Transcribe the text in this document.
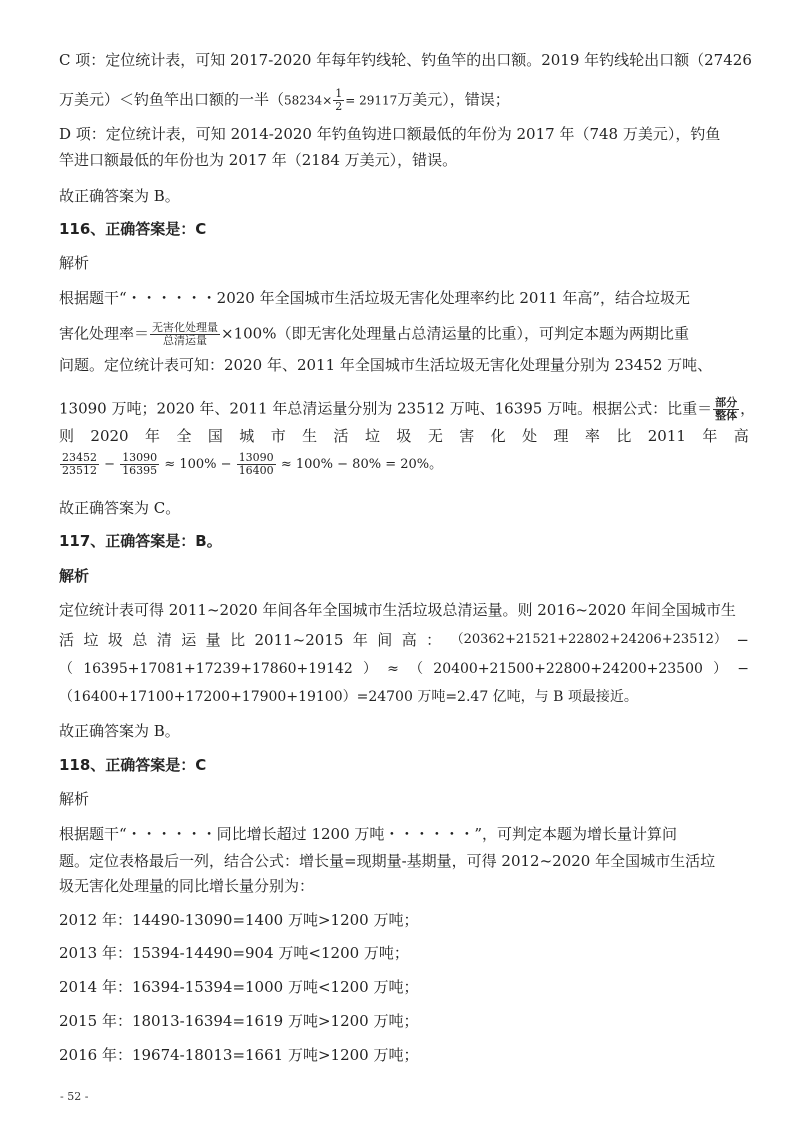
C 项：定位统计表，可知 2017-2020 年每年钓线轮、钓鱼竿的出口额。2019 年钓线轮出口额（27426
万美元）＜钓鱼竿出口额的一半（$58234\times \frac{1}{2} = 29117$万美元），错误；
D 项：定位统计表，可知 2014-2020 年钓鱼钩进口额最低的年份为 2017 年（748 万美元），钓鱼
竿进口额最低的年份也为 2017 年（2184 万美元），错误。
故正确答案为 B。
116、正确答案是：C
解析
根据题干“・・・・・・2020 年全国城市生活垃圾无害化处理率约比 2011 年高”，结合垃圾无
害化处理率＝ $\frac{\text{无害化处理量}}{\text{总清运量}} \times 100\%$（即无害化处理量占总清运量的比重），可判定本题为两期比重
问题。定位统计表可知：2020 年、2011 年全国城市生活垃圾无害化处理量分别为 23452 万吨、
13090 万吨；2020 年、2011 年总清运量分别为 23512 万吨、16395 万吨。根据公式：比重＝ $\frac{\text{部分}}{\text{整体}}$ ，
则 2020 年 全 国 城 市 生 活 垃 圾 无 害 化 处 理 率 比 2011 年 高
$\frac{23452}{23512} - \frac{13090}{16395} \approx 100\% - \frac{13090}{16400} \approx 100\% - 80\% = 20\%$。
故正确答案为 C。
117、正确答案是：B。
解析
定位统计表可得 2011~2020 年间各年全国城市生活垃圾总清运量。则 2016~2020 年间全国城市生
活 垃 圾 总 清 运 量 比 2011~2015 年 间 高 ： （20362+21521+22802+24206+23512） −
（ 16395+17081+17239+17860+19142 ） ≈ （ 20400+21500+22800+24200+23500 ） −
（16400+17100+17200+17900+19100）=24700 万吨=2.47 亿吨，与 B 项最接近。
故正确答案为 B。
118、正确答案是：C
解析
根据题干“・・・・・・同比增长超过 1200 万吨・・・・・・”，可判定本题为增长量计算问
题。定位表格最后一列，结合公式：增长量=现期量-基期量，可得 2012~2020 年全国城市生活垃
圾无害化处理量的同比增长量分别为：
2012 年：14490-13090=1400 万吨>1200 万吨；
2013 年：15394-14490=904 万吨<1200 万吨；
2014 年：16394-15394=1000 万吨<1200 万吨；
2015 年：18013-16394=1619 万吨>1200 万吨；
2016 年：19674-18013=1661 万吨>1200 万吨；
- 52 -
